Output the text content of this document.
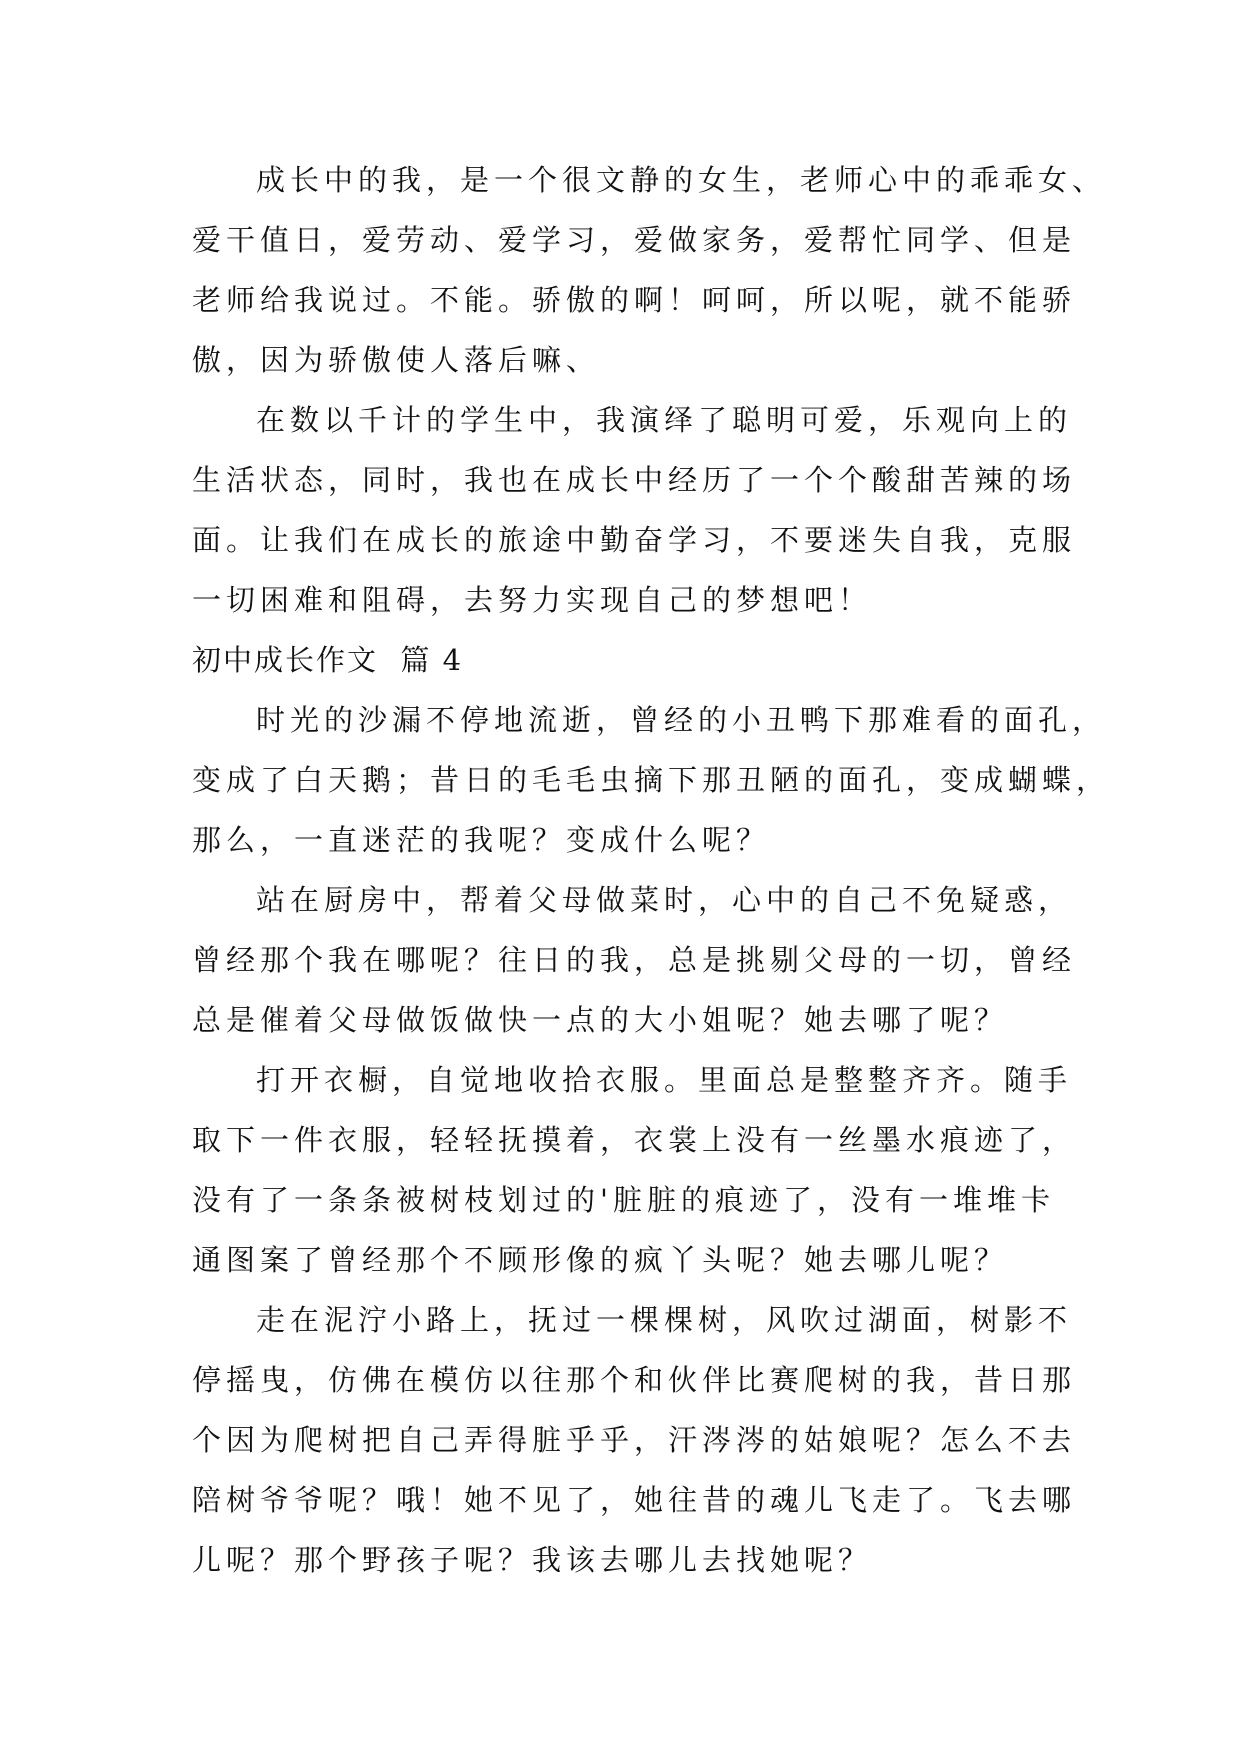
成长中的我，是一个很文静的女生，老师心中的乖乖女、
爱干值日，爱劳动、爱学习，爱做家务，爱帮忙同学、但是
老师给我说过。不能。骄傲的啊！呵呵，所以呢，就不能骄
傲，因为骄傲使人落后嘛、
在数以千计的学生中，我演绎了聪明可爱，乐观向上的
生活状态，同时，我也在成长中经历了一个个酸甜苦辣的场
面。让我们在成长的旅途中勤奋学习，不要迷失自我，克服
一切困难和阻碍，去努力实现自己的梦想吧！
初中成长作文  篇 4
时光的沙漏不停地流逝，曾经的小丑鸭下那难看的面孔，
变成了白天鹅；昔日的毛毛虫摘下那丑陋的面孔，变成蝴蝶，
那么，一直迷茫的我呢？变成什么呢？
站在厨房中，帮着父母做菜时，心中的自己不免疑惑，
曾经那个我在哪呢？往日的我，总是挑剔父母的一切，曾经
总是催着父母做饭做快一点的大小姐呢？她去哪了呢？
打开衣橱，自觉地收拾衣服。里面总是整整齐齐。随手
取下一件衣服，轻轻抚摸着，衣裳上没有一丝墨水痕迹了，
没有了一条条被树枝划过的'脏脏的痕迹了，没有一堆堆卡
通图案了曾经那个不顾形像的疯丫头呢？她去哪儿呢？
走在泥泞小路上，抚过一棵棵树，风吹过湖面，树影不
停摇曳，仿佛在模仿以往那个和伙伴比赛爬树的我，昔日那
个因为爬树把自己弄得脏乎乎，汗涔涔的姑娘呢？怎么不去
陪树爷爷呢？哦！她不见了，她往昔的魂儿飞走了。飞去哪
儿呢？那个野孩子呢？我该去哪儿去找她呢？
